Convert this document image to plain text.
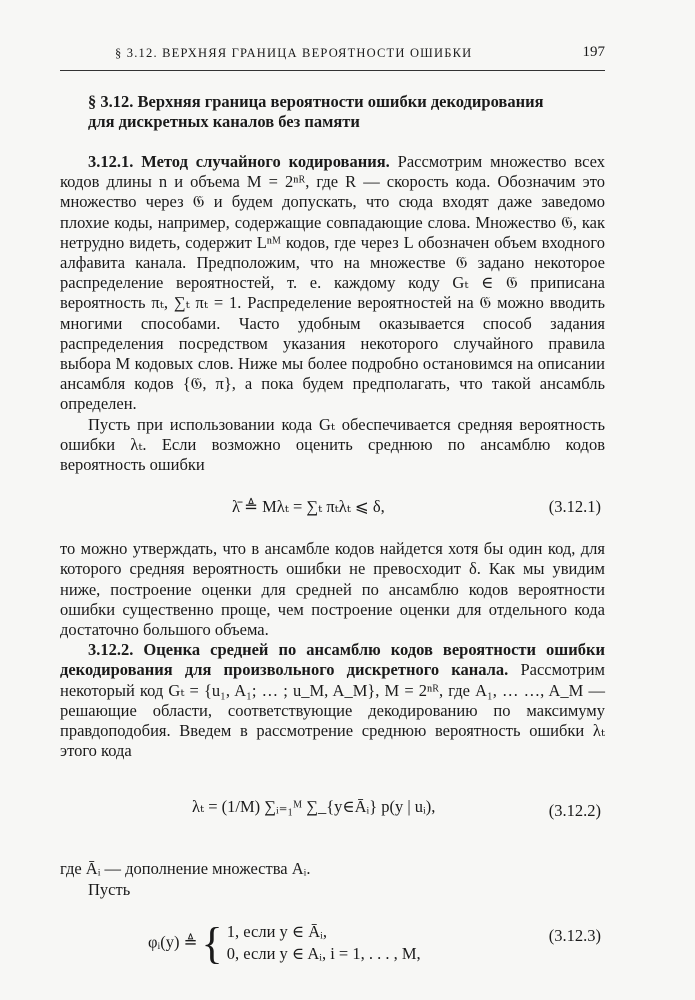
§ 3.12. ВЕРХНЯЯ ГРАНИЦА ВЕРОЯТНОСТИ ОШИБКИ	197
§ 3.12. Верхняя граница вероятности ошибки декодирования
для дискретных каналов без памяти

3.12.1. Метод случайного кодирования. Рассмотрим множество всех кодов длины n и объема M = 2ⁿᴿ, где R — скорость кода. Обозначим это множество через 𝔊 и будем допускать, что сюда входят даже заведомо плохие коды, например, содержащие совпадающие слова. Множество 𝔊, как нетрудно видеть, содержит Lⁿᴹ кодов, где через L обозначен объем входного алфавита канала. Предположим, что на множестве 𝔊 задано некоторое распределение вероятностей, т. е. каждому коду Gₜ ∈ 𝔊 приписана вероятность πₜ, ∑ₜ πₜ = 1. Распределение вероятностей на 𝔊 можно вводить многими способами. Часто удобным оказывается способ задания распределения посредством указания некоторого случайного правила выбора M кодовых слов. Ниже мы более подробно остановимся на описании ансамбля кодов {𝔊, π}, а пока будем предполагать, что такой ансамбль определен.

Пусть при использовании кода Gₜ обеспечивается средняя вероятность ошибки λₜ. Если возможно оценить среднюю по ансамблю кодов вероятность ошибки

λ̄ ≜ Mλₜ = ∑ₜ πₜλₜ ⩽ δ,	(3.12.1)

то можно утверждать, что в ансамбле кодов найдется хотя бы один код, для которого средняя вероятность ошибки не превосходит δ. Как мы увидим ниже, построение оценки для средней по ансамблю кодов вероятности ошибки существенно проще, чем построение оценки для отдельного кода достаточно большого объема.

3.12.2. Оценка средней по ансамблю кодов вероятности ошибки декодирования для произвольного дискретного канала. Рассмотрим некоторый код Gₜ = {u₁, A₁; … ; u_M, A_M}, M = 2ⁿᴿ, где A₁, … …, A_M — решающие области, соответствующие декодированию по максимуму правдоподобия. Введем в рассмотрение среднюю вероятность ошибки λₜ этого кода

λₜ = (1/M) ∑ᵢ₌₁ᴹ ∑_{y∈Āᵢ} p(y | uᵢ),	(3.12.2)

где Āᵢ — дополнение множества Aᵢ.

Пусть

φᵢ(y) ≜ { 1, если y ∈ Āᵢ,
0, если y ∈ Aᵢ, i = 1, . . . , M,
(3.12.3)
